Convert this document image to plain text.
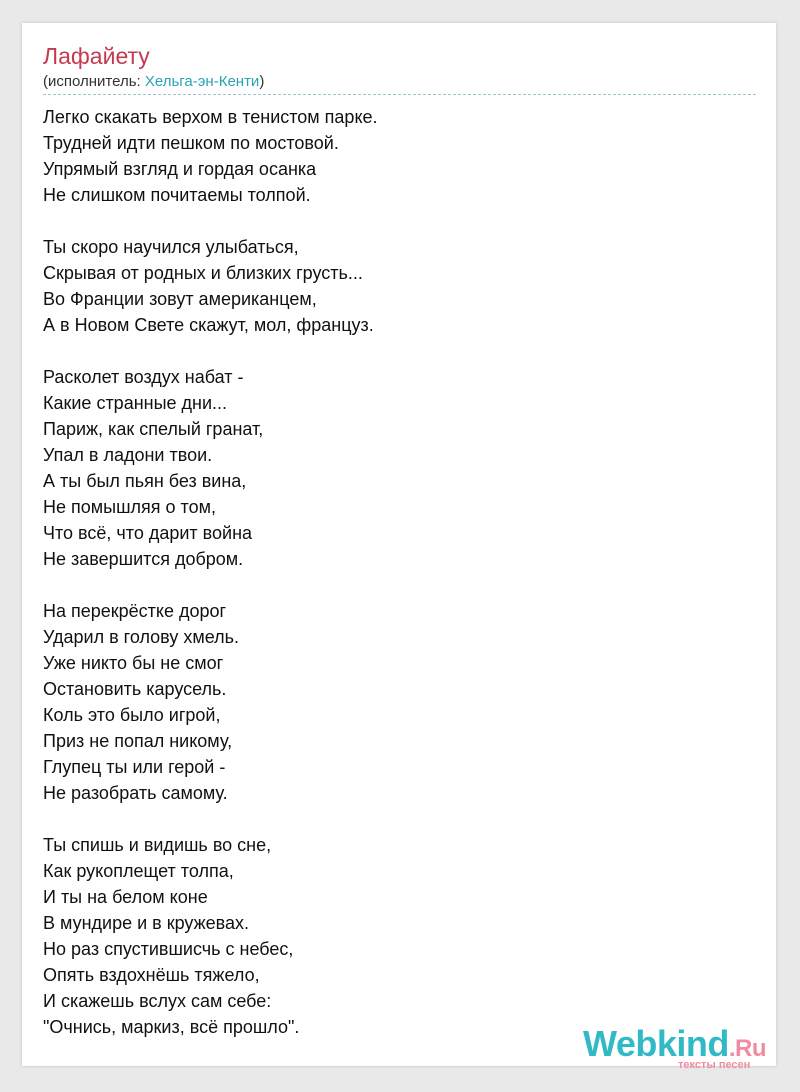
Лафайету
(исполнитель: Хельга-эн-Кенти)
Легко скакать верхом в тенистом парке.
Трудней идти пешком по мостовой.
Упрямый взгляд и гордая осанка
Не слишком почитаемы толпой.
Ты скоро научился улыбаться,
Скрывая от родных и близких грусть...
Во Франции зовут американцем,
А в Новом Свете скажут, мол, француз.
Расколет воздух набат -
Какие странные дни...
Париж, как спелый гранат,
Упал в ладони твои.
А ты был пьян без вина,
Не помышляя о том,
Что всё, что дарит война
Не завершится добром.
На перекрёстке дорог
Ударил в голову хмель.
Уже никто бы не смог
Остановить карусель.
Коль это было игрой,
Приз не попал никому,
Глупец ты или герой -
Не разобрать самому.
Ты спишь и видишь во сне,
Как рукоплещет толпа,
И ты на белом коне
В мундире и в кружевах.
Но раз спустившисчь с небес,
Опять вздохнёшь тяжело,
И скажешь вслух сам себе:
"Очнись, маркиз, всё прошло".	Webkind.Ru
тексты песен
